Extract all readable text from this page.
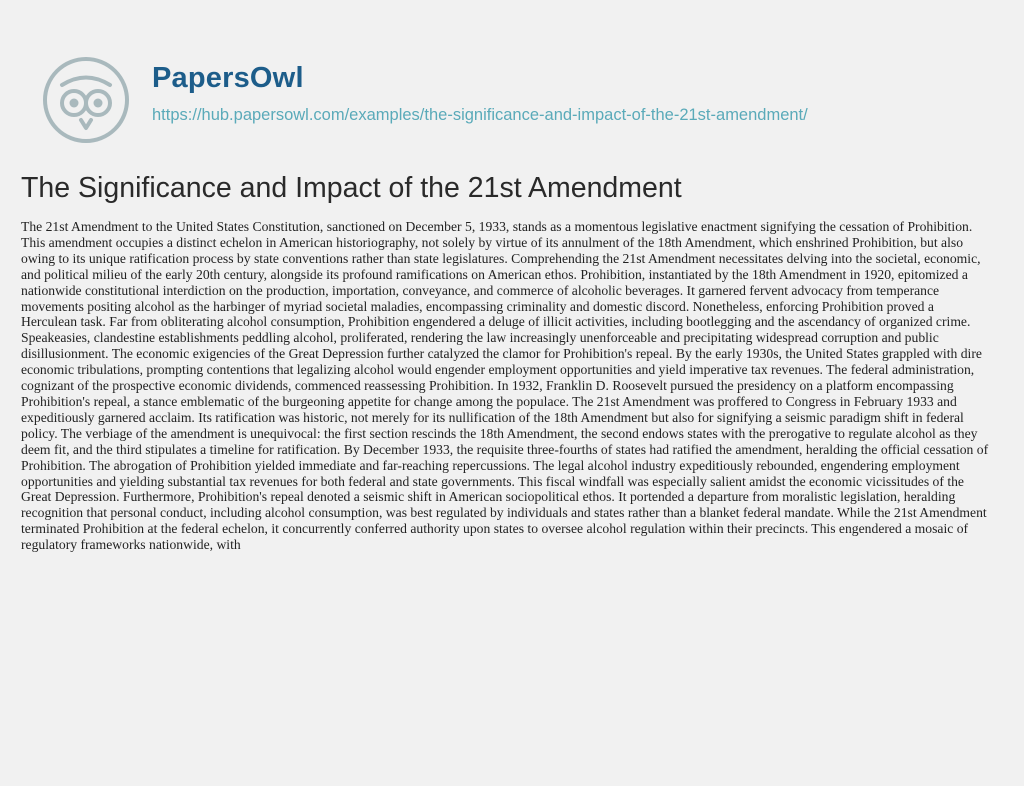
PapersOwl
https://hub.papersowl.com/examples/the-significance-and-impact-of-the-21st-amendment/
The Significance and Impact of the 21st Amendment

The 21st Amendment to the United States Constitution, sanctioned on December 5, 1933, stands as a momentous legislative enactment signifying the cessation of Prohibition. This amendment occupies a distinct echelon in American historiography, not solely by virtue of its annulment of the 18th Amendment, which enshrined Prohibition, but also owing to its unique ratification process by state conventions rather than state legislatures. Comprehending the 21st Amendment necessitates delving into the societal, economic, and political milieu of the early 20th century, alongside its profound ramifications on American ethos. Prohibition, instantiated by the 18th Amendment in 1920, epitomized a nationwide constitutional interdiction on the production, importation, conveyance, and commerce of alcoholic beverages. It garnered fervent advocacy from temperance movements positing alcohol as the harbinger of myriad societal maladies, encompassing criminality and domestic discord. Nonetheless, enforcing Prohibition proved a Herculean task. Far from obliterating alcohol consumption, Prohibition engendered a deluge of illicit activities, including bootlegging and the ascendancy of organized crime. Speakeasies, clandestine establishments peddling alcohol, proliferated, rendering the law increasingly unenforceable and precipitating widespread corruption and public disillusionment. The economic exigencies of the Great Depression further catalyzed the clamor for Prohibition's repeal. By the early 1930s, the United States grappled with dire economic tribulations, prompting contentions that legalizing alcohol would engender employment opportunities and yield imperative tax revenues. The federal administration, cognizant of the prospective economic dividends, commenced reassessing Prohibition. In 1932, Franklin D. Roosevelt pursued the presidency on a platform encompassing Prohibition's repeal, a stance emblematic of the burgeoning appetite for change among the populace. The 21st Amendment was proffered to Congress in February 1933 and expeditiously garnered acclaim. Its ratification was historic, not merely for its nullification of the 18th Amendment but also for signifying a seismic paradigm shift in federal policy. The verbiage of the amendment is unequivocal: the first section rescinds the 18th Amendment, the second endows states with the prerogative to regulate alcohol as they deem fit, and the third stipulates a timeline for ratification. By December 1933, the requisite three-fourths of states had ratified the amendment, heralding the official cessation of Prohibition. The abrogation of Prohibition yielded immediate and far-reaching repercussions. The legal alcohol industry expeditiously rebounded, engendering employment opportunities and yielding substantial tax revenues for both federal and state governments. This fiscal windfall was especially salient amidst the economic vicissitudes of the Great Depression. Furthermore, Prohibition's repeal denoted a seismic shift in American sociopolitical ethos. It portended a departure from moralistic legislation, heralding recognition that personal conduct, including alcohol consumption, was best regulated by individuals and states rather than a blanket federal mandate. While the 21st Amendment terminated Prohibition at the federal echelon, it concurrently conferred authority upon states to oversee alcohol regulation within their precincts. This engendered a mosaic of regulatory frameworks nationwide, with
